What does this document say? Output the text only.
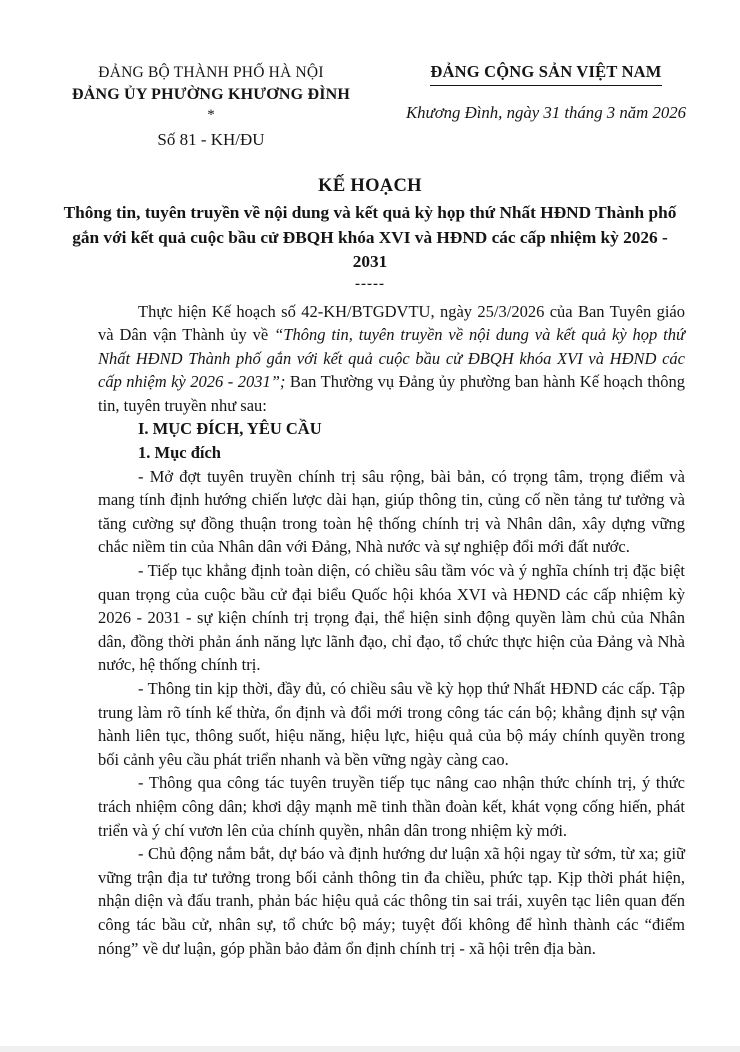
ĐẢNG BỘ THÀNH PHỐ HÀ NỘI
ĐẢNG ỦY PHƯỜNG KHƯƠNG ĐÌNH
*
Số 81 - KH/ĐU
ĐẢNG CỘNG SẢN VIỆT NAM
Khương Đình, ngày 31 tháng 3 năm 2026
KẾ HOẠCH
Thông tin, tuyên truyền về nội dung và kết quả kỳ họp thứ Nhất HĐND Thành phố gắn với kết quả cuộc bầu cử ĐBQH khóa XVI và HĐND các cấp nhiệm kỳ 2026 - 2031
-----
Thực hiện Kế hoạch số 42-KH/BTGDVTU, ngày 25/3/2026 của Ban Tuyên giáo và Dân vận Thành ủy về “Thông tin, tuyên truyền về nội dung và kết quả kỳ họp thứ Nhất HĐND Thành phố gắn với kết quả cuộc bầu cử ĐBQH khóa XVI và HĐND các cấp nhiệm kỳ 2026 - 2031”; Ban Thường vụ Đảng ủy phường ban hành Kế hoạch thông tin, tuyên truyền như sau:
I. MỤC ĐÍCH, YÊU CẦU
1. Mục đích
- Mở đợt tuyên truyền chính trị sâu rộng, bài bản, có trọng tâm, trọng điểm và mang tính định hướng chiến lược dài hạn, giúp thông tin, củng cố nền tảng tư tưởng và tăng cường sự đồng thuận trong toàn hệ thống chính trị và Nhân dân, xây dựng vững chắc niềm tin của Nhân dân với Đảng, Nhà nước và sự nghiệp đổi mới đất nước.
- Tiếp tục khẳng định toàn diện, có chiều sâu tầm vóc và ý nghĩa chính trị đặc biệt quan trọng của cuộc bầu cử đại biểu Quốc hội khóa XVI và HĐND các cấp nhiệm kỳ 2026 - 2031 - sự kiện chính trị trọng đại, thể hiện sinh động quyền làm chủ của Nhân dân, đồng thời phản ánh năng lực lãnh đạo, chỉ đạo, tổ chức thực hiện của Đảng và Nhà nước, hệ thống chính trị.
- Thông tin kịp thời, đầy đủ, có chiều sâu về kỳ họp thứ Nhất HĐND các cấp. Tập trung làm rõ tính kế thừa, ổn định và đổi mới trong công tác cán bộ; khẳng định sự vận hành liên tục, thông suốt, hiệu năng, hiệu lực, hiệu quả của bộ máy chính quyền trong bối cảnh yêu cầu phát triển nhanh và bền vững ngày càng cao.
- Thông qua công tác tuyên truyền tiếp tục nâng cao nhận thức chính trị, ý thức trách nhiệm công dân; khơi dậy mạnh mẽ tinh thần đoàn kết, khát vọng cống hiến, phát triển và ý chí vươn lên của chính quyền, nhân dân trong nhiệm kỳ mới.
- Chủ động nắm bắt, dự báo và định hướng dư luận xã hội ngay từ sớm, từ xa; giữ vững trận địa tư tưởng trong bối cảnh thông tin đa chiều, phức tạp. Kịp thời phát hiện, nhận diện và đấu tranh, phản bác hiệu quả các thông tin sai trái, xuyên tạc liên quan đến công tác bầu cử, nhân sự, tổ chức bộ máy; tuyệt đối không để hình thành các “điểm nóng” về dư luận, góp phần bảo đảm ổn định chính trị - xã hội trên địa bàn.
